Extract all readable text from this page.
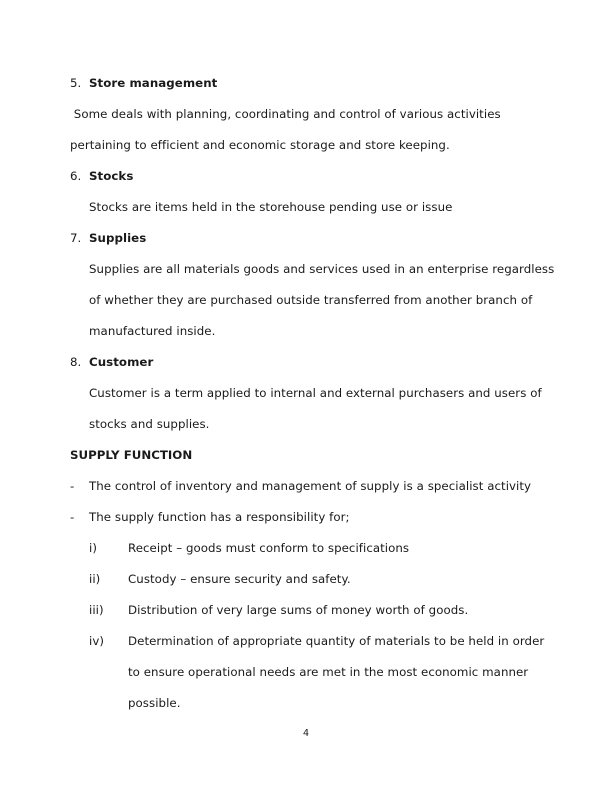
5. Store management
Some deals with planning, coordinating and control of various activities
pertaining to efficient and economic storage and store keeping.
6. Stocks
Stocks are items held in the storehouse pending use or issue
7. Supplies
Supplies are all materials goods and services used in an enterprise regardless
of whether they are purchased outside transferred from another branch of
manufactured inside.
8. Customer
Customer is a term applied to internal and external purchasers and users of
stocks and supplies.
SUPPLY FUNCTION
-	The control of inventory and management of supply is a specialist activity
-	The supply function has a responsibility for;
i)	Receipt – goods must conform to specifications
ii)	Custody – ensure security and safety.
iii)	Distribution of very large sums of money worth of goods.
iv)	Determination of appropriate quantity of materials to be held in order
to ensure operational needs are met in the most economic manner
possible.
4
